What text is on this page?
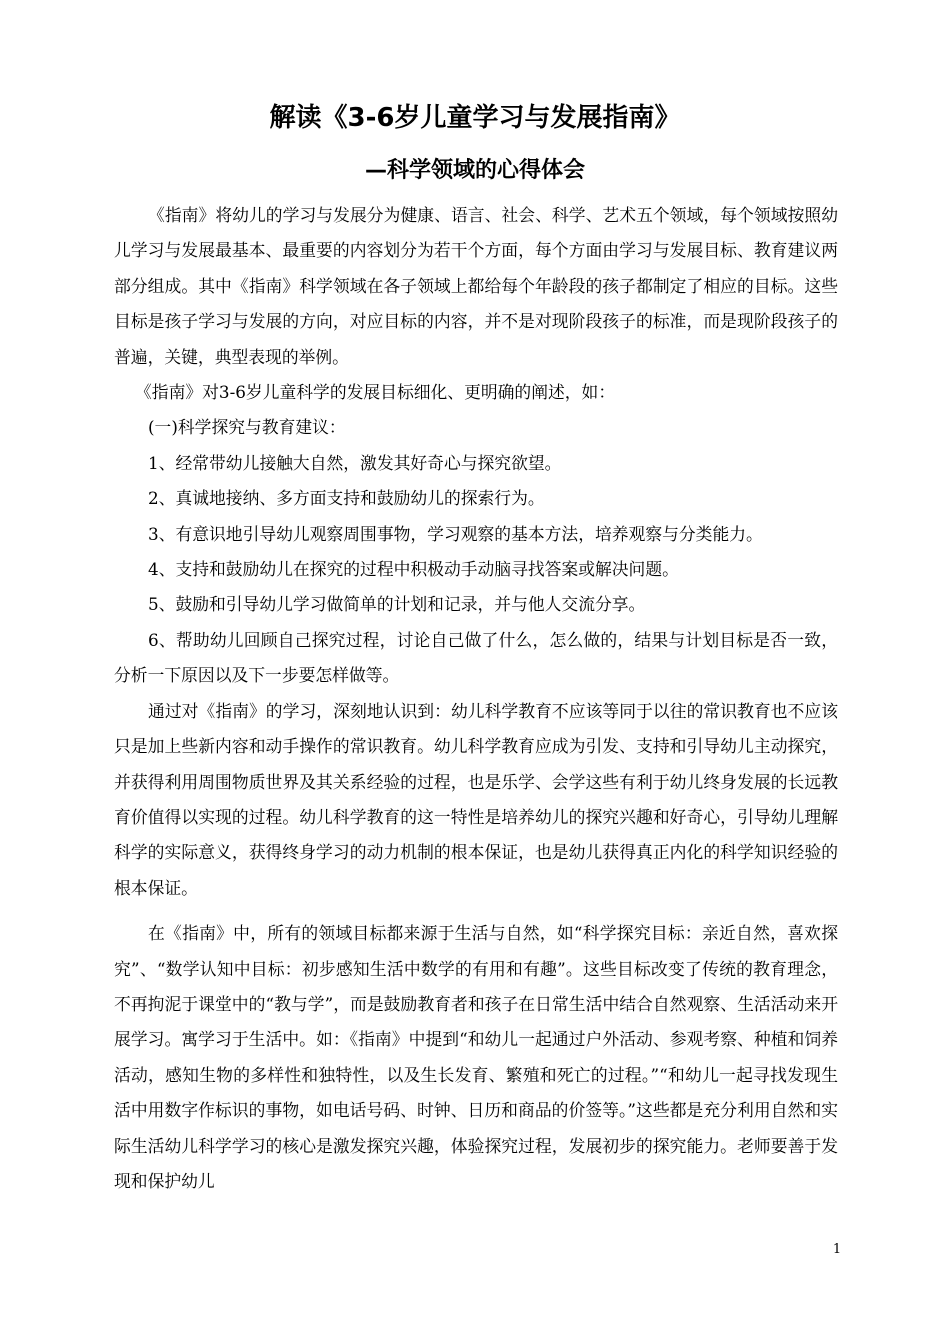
解读《3-6岁儿童学习与发展指南》
—科学领域的心得体会

《指南》将幼儿的学习与发展分为健康、语言、社会、科学、艺术五个领域，每个领域按照幼儿学习与发展最基本、最重要的内容划分为若干个方面，每个方面由学习与发展目标、教育建议两部分组成。其中《指南》科学领域在各子领域上都给每个年龄段的孩子都制定了相应的目标。这些目标是孩子学习与发展的方向，对应目标的内容，并不是对现阶段孩子的标准，而是现阶段孩子的普遍，关键，典型表现的举例。

《指南》对3-6岁儿童科学的发展目标细化、更明确的阐述，如：

(一)科学探究与教育建议：

1、经常带幼儿接触大自然，激发其好奇心与探究欲望。

2、真诚地接纳、多方面支持和鼓励幼儿的探索行为。

3、有意识地引导幼儿观察周围事物，学习观察的基本方法，培养观察与分类能力。

4、支持和鼓励幼儿在探究的过程中积极动手动脑寻找答案或解决问题。

5、鼓励和引导幼儿学习做简单的计划和记录，并与他人交流分享。

6、帮助幼儿回顾自己探究过程，讨论自己做了什么，怎么做的，结果与计划目标是否一致，分析一下原因以及下一步要怎样做等。

通过对《指南》的学习，深刻地认识到：幼儿科学教育不应该等同于以往的常识教育也不应该只是加上些新内容和动手操作的常识教育。幼儿科学教育应成为引发、支持和引导幼儿主动探究，并获得利用周围物质世界及其关系经验的过程，也是乐学、会学这些有利于幼儿终身发展的长远教育价值得以实现的过程。幼儿科学教育的这一特性是培养幼儿的探究兴趣和好奇心，引导幼儿理解科学的实际意义，获得终身学习的动力机制的根本保证，也是幼儿获得真正内化的科学知识经验的根本保证。

在《指南》中，所有的领域目标都来源于生活与自然，如“科学探究目标：亲近自然，喜欢探究”、“数学认知中目标：初步感知生活中数学的有用和有趣”。这些目标改变了传统的教育理念，不再拘泥于课堂中的“教与学”，而是鼓励教育者和孩子在日常生活中结合自然观察、生活活动来开展学习。寓学习于生活中。如：《指南》中提到“和幼儿一起通过户外活动、参观考察、种植和饲养活动，感知生物的多样性和独特性，以及生长发育、繁殖和死亡的过程。”“和幼儿一起寻找发现生活中用数字作标识的事物，如电话号码、时钟、日历和商品的价签等。”这些都是充分利用自然和实际生活幼儿科学学习的核心是激发探究兴趣，体验探究过程，发展初步的探究能力。老师要善于发现和保护幼儿

1
